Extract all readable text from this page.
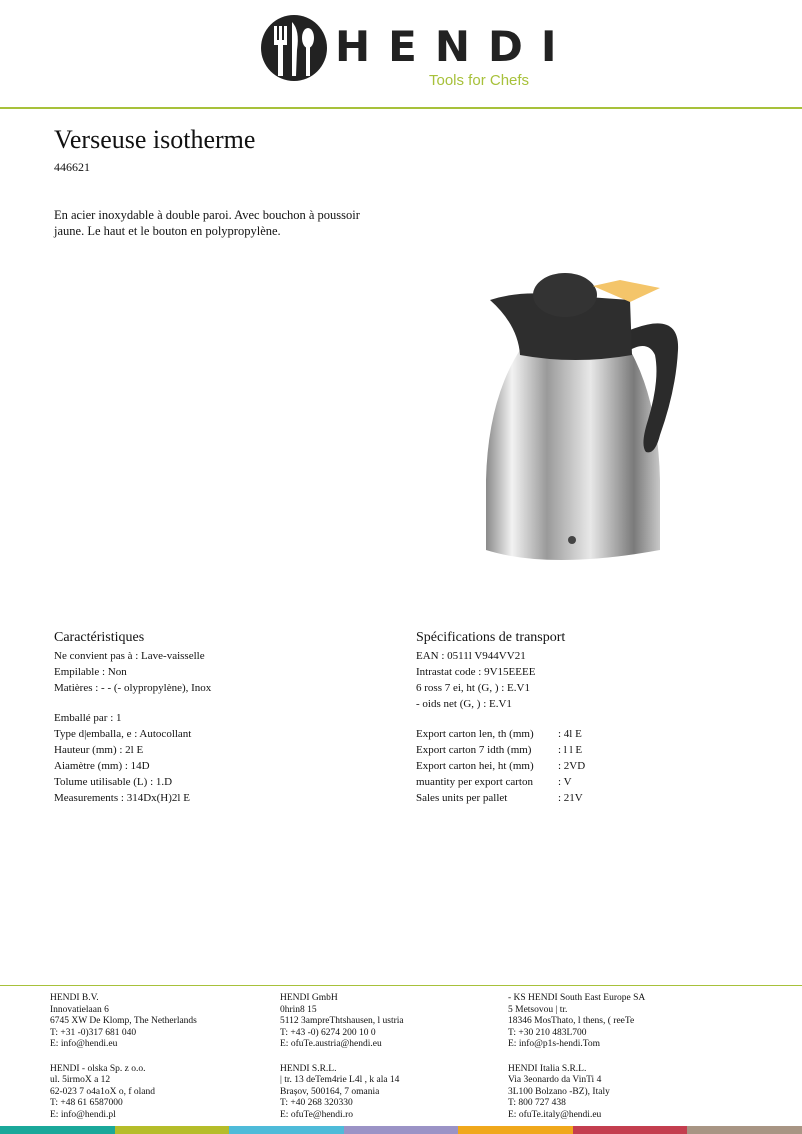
HENDI
Tools for Chefs
Verseuse isotherme
446621

En acier inoxydable à double paroi. Avec bouchon à poussoir jaune. Le haut et le bouton en polypropylène.

Caractéristiques
Ne convient pas à : Lave-vaisselle
Empilable : Non
Matières : - - (- olypropylène), Inox
Emballé par : 1
Type d|emballa, e : Autocollant
Hauteur (mm) : 2l E
Aiamètre (mm) : 14D
Tolume utilisable (L) : 1.D
Measurements : 314Dx(H)2l E
Spécifications de transport
EAN : 0511l V944VV21
Intrastat code : 9V15EEEE
6 ross 7 ei, ht (G, ) : E.V1
- oids net (G, ) : E.V1
Export carton len, th (mm)	: 4l E
Export carton 7 idth (mm)	: l l E
Export carton hei, ht (mm)	: 2VD
muantity per export carton	: V
Sales units per pallet	: 21V
HENDI B.V.
Innovatielaan 6
6745 XW De Klomp, The Netherlands
T: +31 -0)317 681 040
E: info@hendi.eu
HENDI - olska Sp. z o.o.
ul. 5irmoX a 12
62-023 7 o4a1oX o, f oland
T: +48 61 6587000
E: info@hendi.pl
HENDI GmbH
0hrin8 15
5112 3ampreThtshausen, l ustria
T: +43 -0) 6274 200 10 0
E: ofuTe.austria@hendi.eu
HENDI S.R.L.
| tr. 13 deTem4rie L4l , k ala 14
Brașov, 500164, 7 omania
T: +40 268 320330
E: ofuTe@hendi.ro
- KS HENDI South East Europe SA
5 Metsovou | tr.
18346 MosThato, l thens, ( reeTe
T: +30 210 483L700
E: info@p1s-hendi.Tom
HENDI Italia S.R.L.
Via 3eonardo da VinTi 4
3L100 Bolzano -BZ), Italy
T: 800 727 438
E: ofuTe.italy@hendi.eu
